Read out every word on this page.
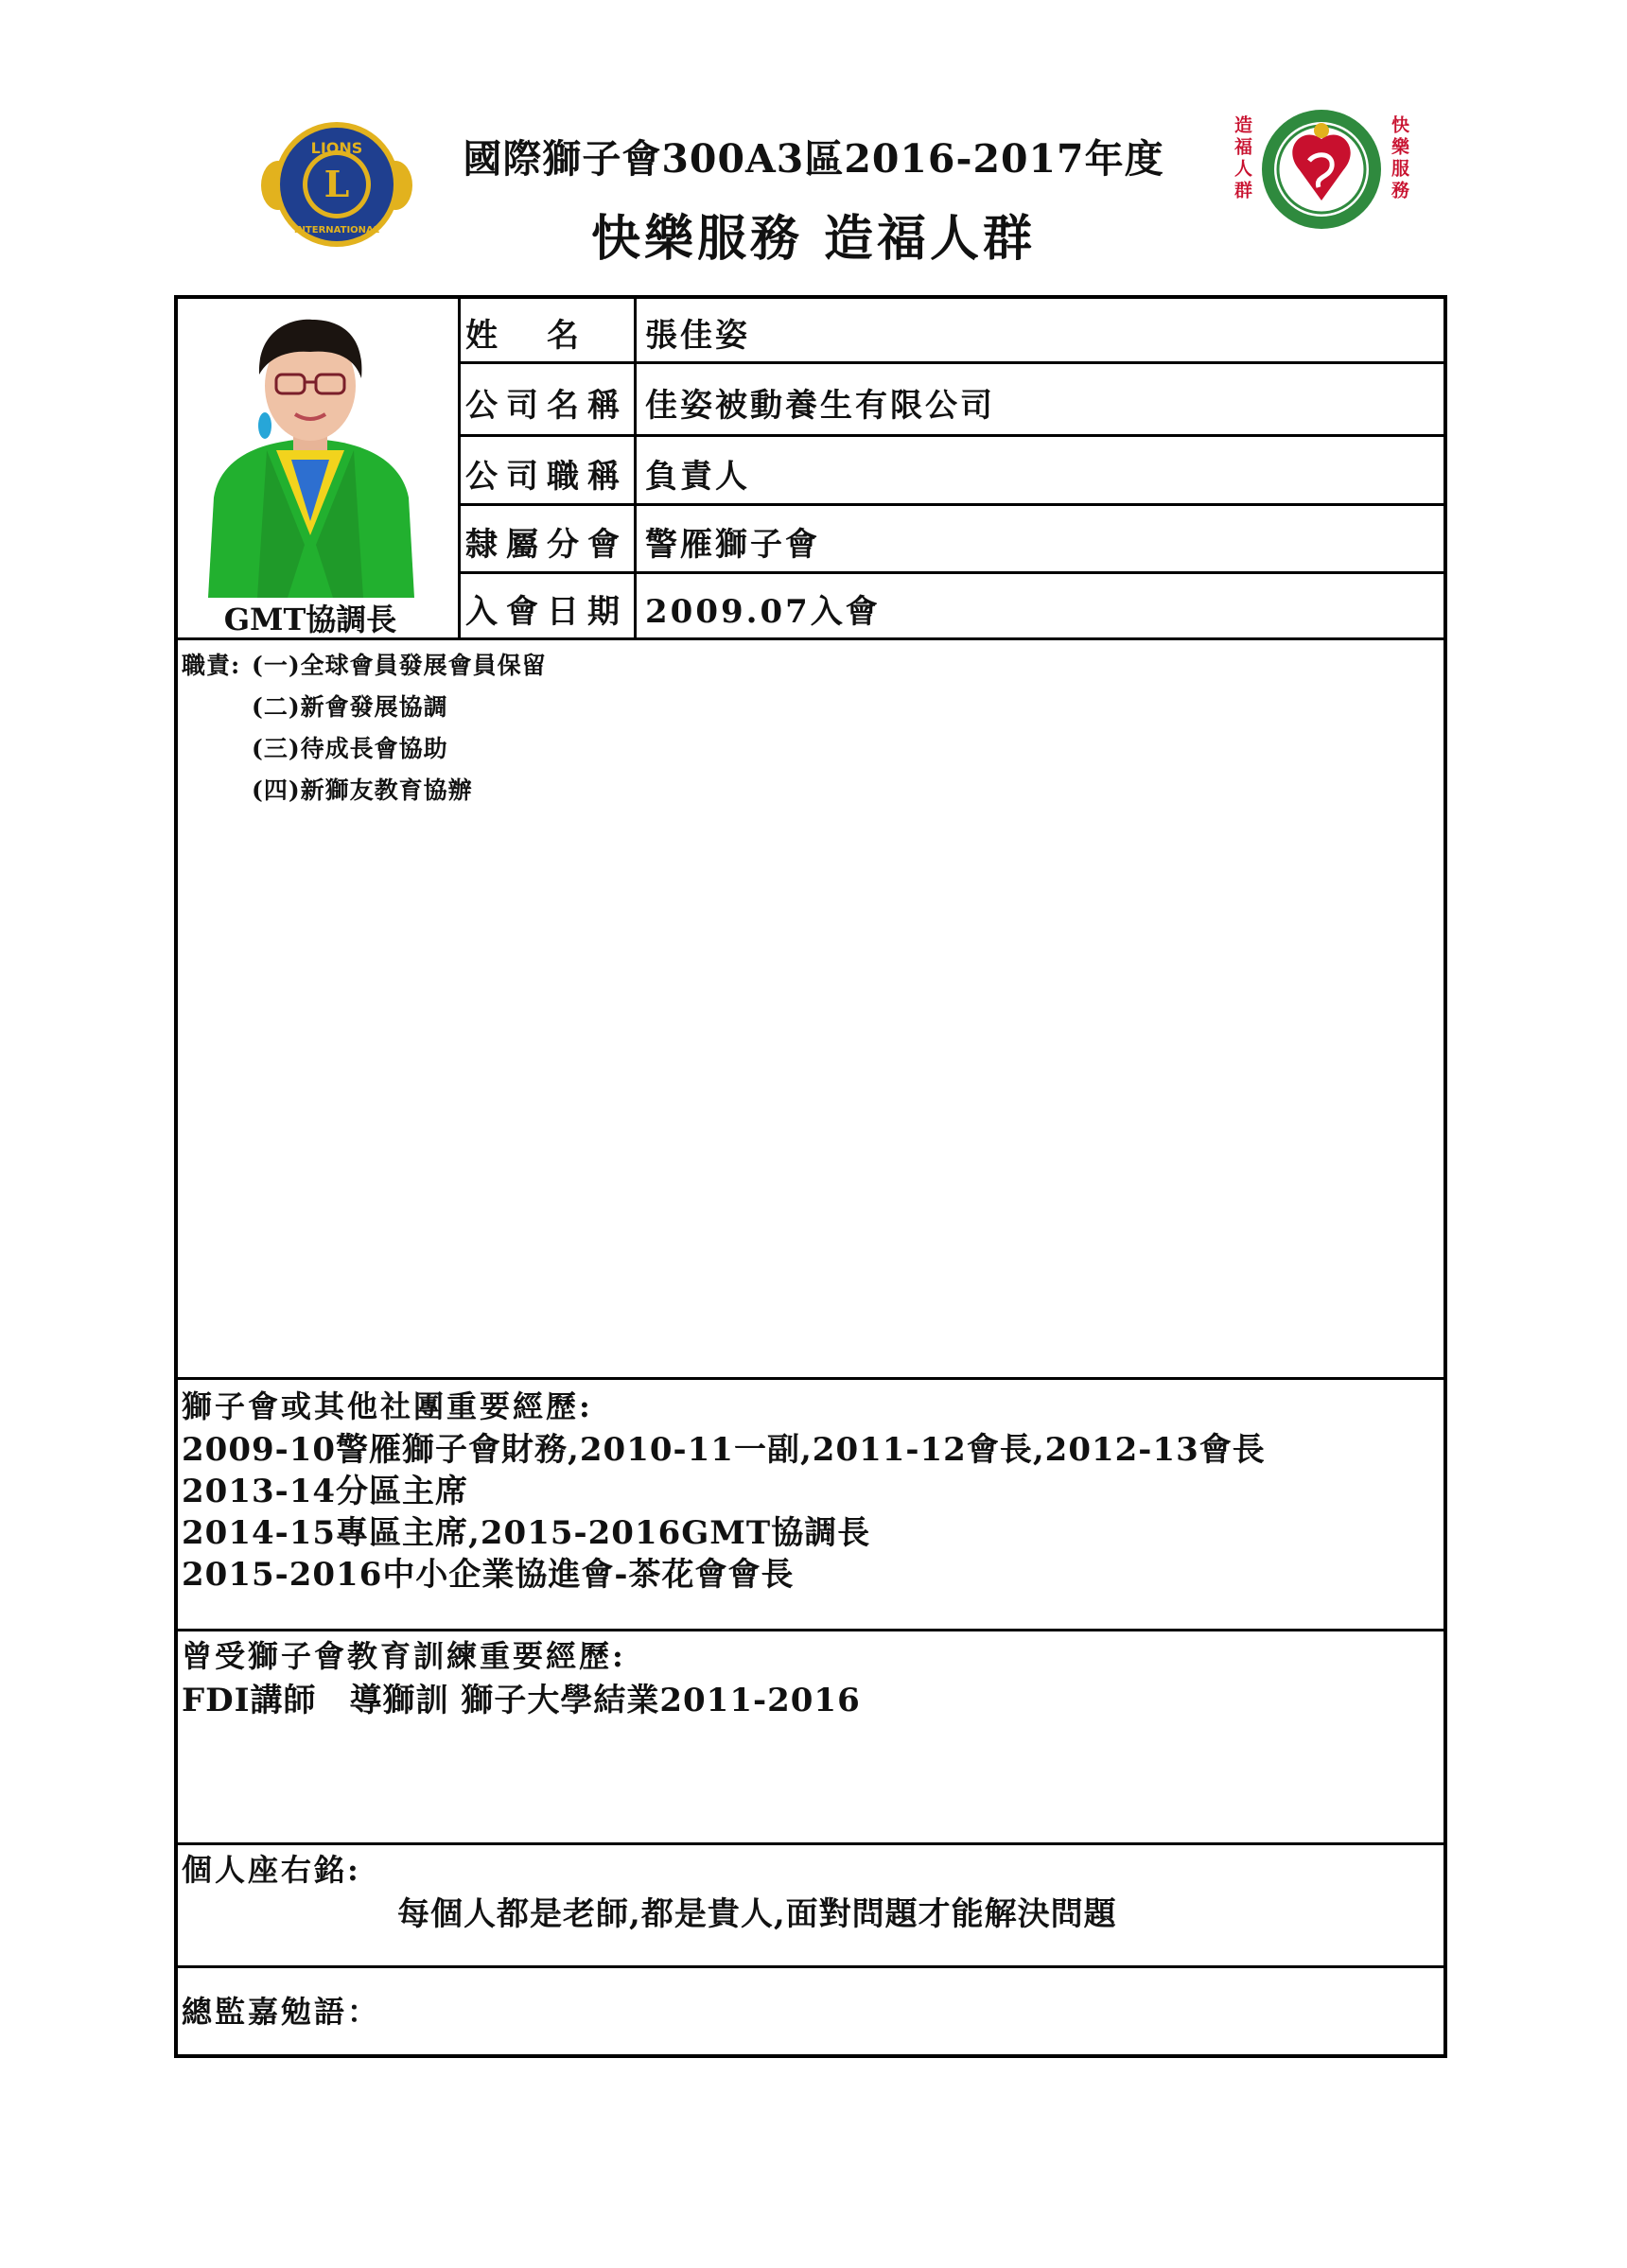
LIONS
L
INTERNATIONAL
國際獅子會300A3區2016-2017年度
快樂服務 造福人群
造福人群	快樂服務
GMT協調長
姓　名 張佳姿
公司名稱 佳姿被動養生有限公司
公司職稱 負責人
隸屬分會 警雁獅子會
入會日期 2009.07入會
職責: (一)全球會員發展會員保留
(二)新會發展協調
(三)待成長會協助
(四)新獅友教育協辦
獅子會或其他社團重要經歷:
2009-10警雁獅子會財務,2010-11一副,2011-12會長,2012-13會長
2013-14分區主席
2014-15專區主席,2015-2016GMT協調長
2015-2016中小企業協進會-茶花會會長
曾受獅子會教育訓練重要經歷:
FDI講師　導獅訓 獅子大學結業2011-2016
個人座右銘:
每個人都是老師,都是貴人,面對問題才能解決問題
總監嘉勉語：
